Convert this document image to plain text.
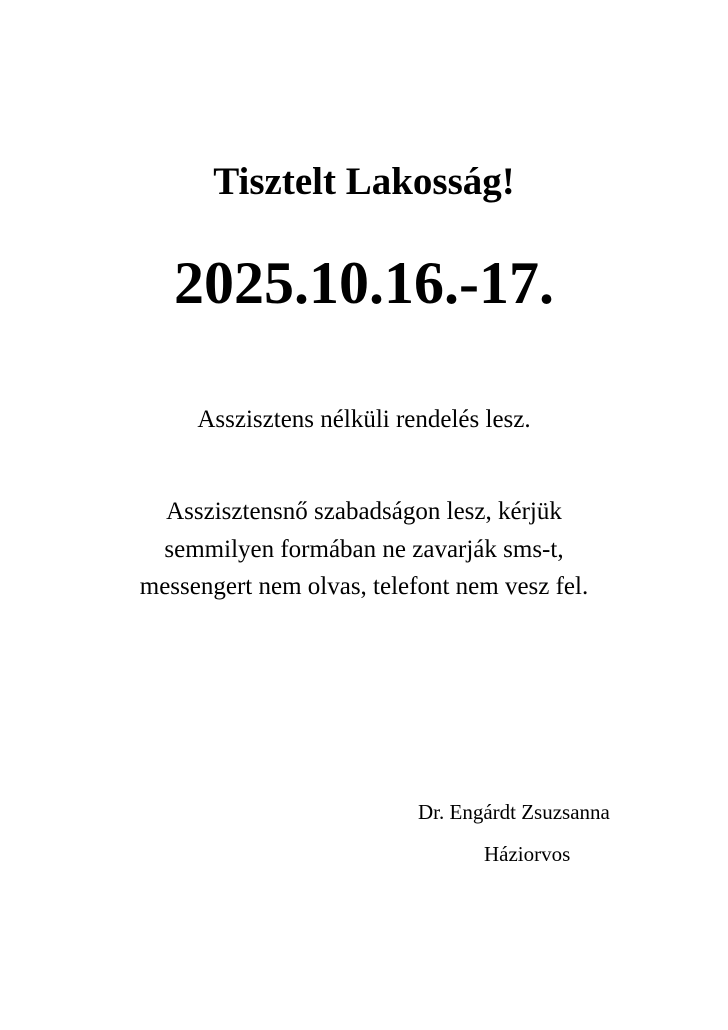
Tisztelt Lakosság!
2025.10.16.-17.

Asszisztens nélküli rendelés lesz.

Asszisztensnő szabadságon lesz, kérjük

semmilyen formában ne zavarják sms-t,

messengert nem olvas, telefont nem vesz fel.

Dr. Engárdt Zsuzsanna

Háziorvos
